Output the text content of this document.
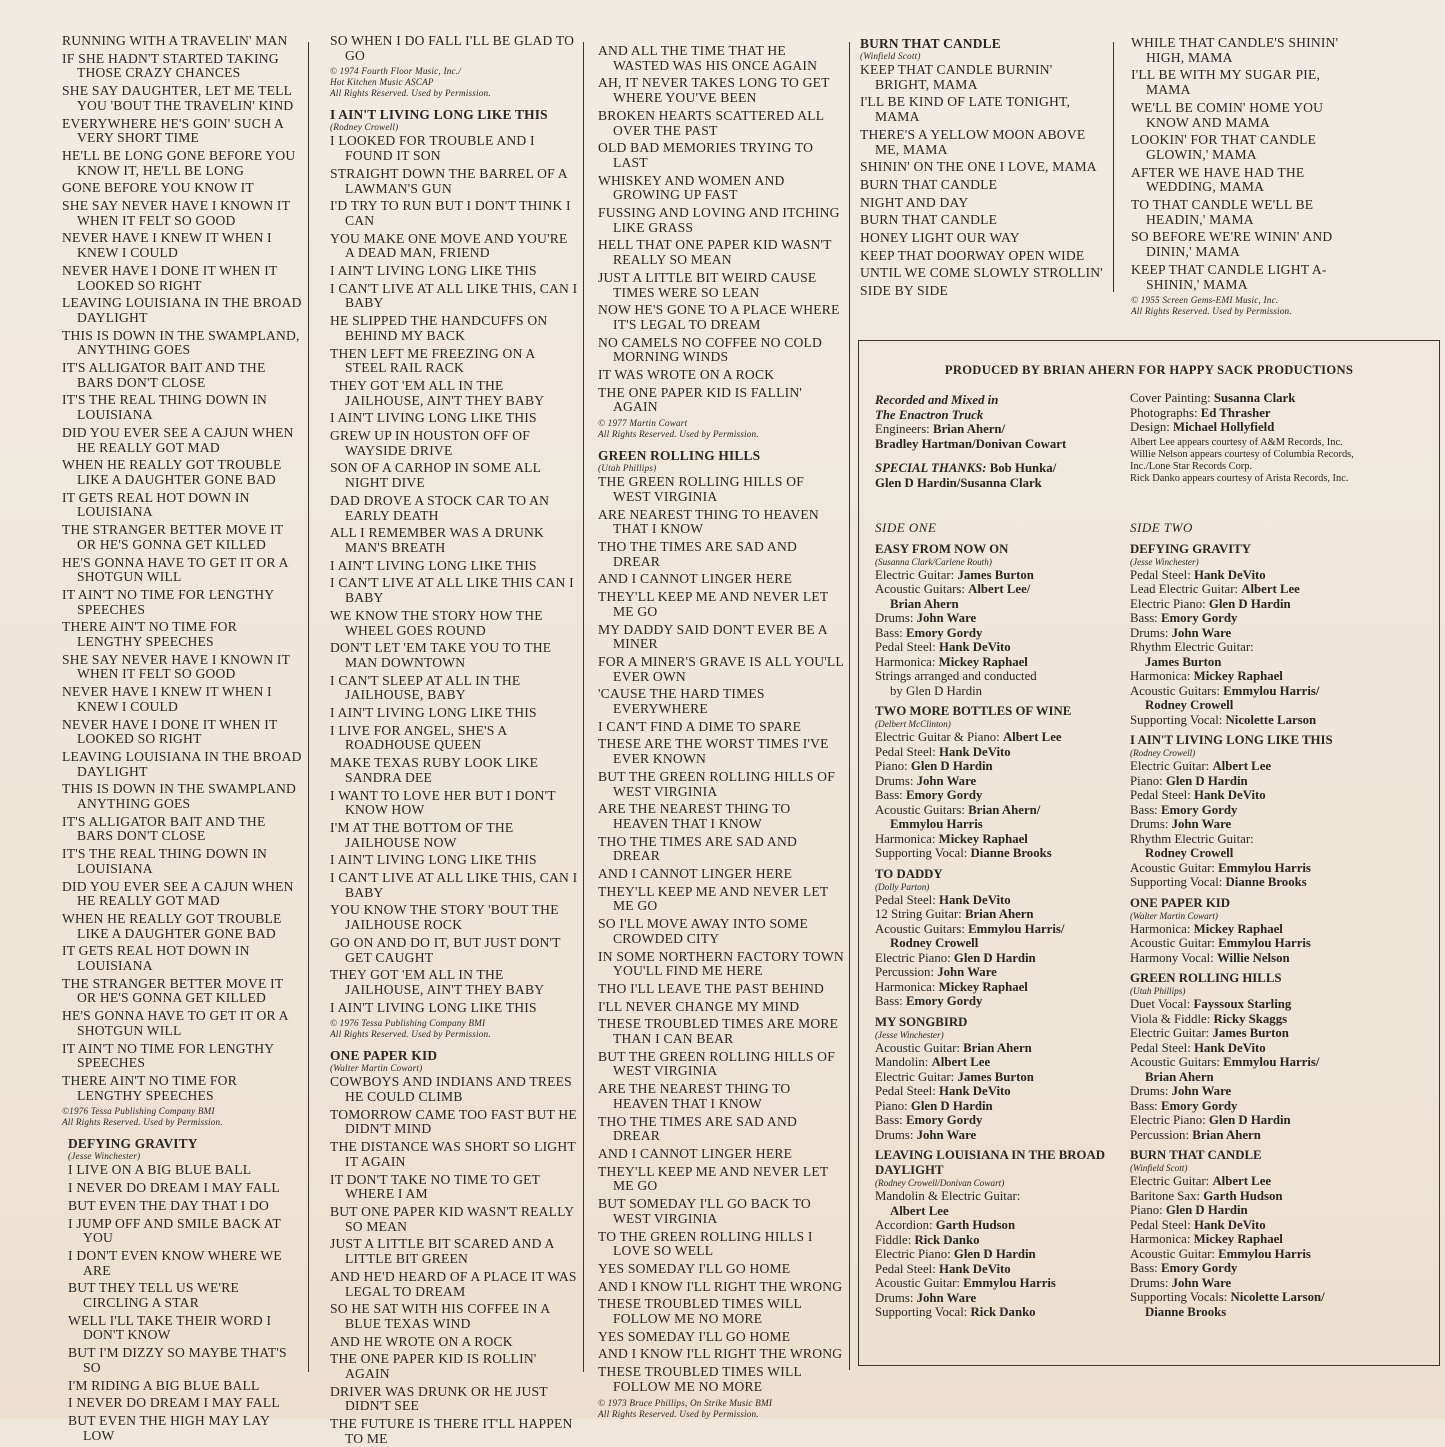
RUNNING WITH A TRAVELIN' MAN
IF SHE HADN'T STARTED TAKING THOSE CRAZY CHANCES
SHE SAY DAUGHTER, LET ME TELL YOU 'BOUT THE TRAVELIN' KIND
EVERYWHERE HE'S GOIN' SUCH A VERY SHORT TIME
HE'LL BE LONG GONE BEFORE YOU KNOW IT, HE'LL BE LONG
GONE BEFORE YOU KNOW IT
SHE SAY NEVER HAVE I KNOWN IT WHEN IT FELT SO GOOD
NEVER HAVE I KNEW IT WHEN I KNEW I COULD
NEVER HAVE I DONE IT WHEN IT LOOKED SO RIGHT
LEAVING LOUISIANA IN THE BROAD DAYLIGHT
THIS IS DOWN IN THE SWAMPLAND, ANYTHING GOES
IT'S ALLIGATOR BAIT AND THE BARS DON'T CLOSE
IT'S THE REAL THING DOWN IN LOUISIANA
DID YOU EVER SEE A CAJUN WHEN HE REALLY GOT MAD
WHEN HE REALLY GOT TROUBLE LIKE A DAUGHTER GONE BAD
IT GETS REAL HOT DOWN IN LOUISIANA
THE STRANGER BETTER MOVE IT OR HE'S GONNA GET KILLED
HE'S GONNA HAVE TO GET IT OR A SHOTGUN WILL
IT AIN'T NO TIME FOR LENGTHY SPEECHES
THERE AIN'T NO TIME FOR LENGTHY SPEECHES
SHE SAY NEVER HAVE I KNOWN IT WHEN IT FELT SO GOOD
NEVER HAVE I KNEW IT WHEN I KNEW I COULD
NEVER HAVE I DONE IT WHEN IT LOOKED SO RIGHT
LEAVING LOUISIANA IN THE BROAD DAYLIGHT
THIS IS DOWN IN THE SWAMPLAND ANYTHING GOES
IT'S ALLIGATOR BAIT AND THE BARS DON'T CLOSE
IT'S THE REAL THING DOWN IN LOUISIANA
DID YOU EVER SEE A CAJUN WHEN HE REALLY GOT MAD
WHEN HE REALLY GOT TROUBLE LIKE A DAUGHTER GONE BAD
IT GETS REAL HOT DOWN IN LOUISIANA
THE STRANGER BETTER MOVE IT OR HE'S GONNA GET KILLED
HE'S GONNA HAVE TO GET IT OR A SHOTGUN WILL
IT AIN'T NO TIME FOR LENGTHY SPEECHES
THERE AIN'T NO TIME FOR LENGTHY SPEECHES
©1976 Tessa Publishing Company BMI
All Rights Reserved. Used by Permission.
DEFYING GRAVITY
(Jesse Winchester)
I LIVE ON A BIG BLUE BALL
I NEVER DO DREAM I MAY FALL
BUT EVEN THE DAY THAT I DO
I JUMP OFF AND SMILE BACK AT YOU
I DON'T EVEN KNOW WHERE WE ARE
BUT THEY TELL US WE'RE CIRCLING A STAR
WELL I'LL TAKE THEIR WORD I DON'T KNOW
BUT I'M DIZZY SO MAYBE THAT'S SO
I'M RIDING A BIG BLUE BALL
I NEVER DO DREAM I MAY FALL
BUT EVEN THE HIGH MAY LAY LOW
SO WHEN I DO FALL I'LL BE GLAD TO GO
© 1974 Fourth Floor Music, Inc./
Hot Kitchen Music ASCAP
All Rights Reserved. Used by Permission.
I AIN'T LIVING LONG LIKE THIS
(Rodney Crowell)
I LOOKED FOR TROUBLE AND I FOUND IT SON
STRAIGHT DOWN THE BARREL OF A LAWMAN'S GUN
I'D TRY TO RUN BUT I DON'T THINK I CAN
YOU MAKE ONE MOVE AND YOU'RE A DEAD MAN, FRIEND
I AIN'T LIVING LONG LIKE THIS
I CAN'T LIVE AT ALL LIKE THIS, CAN I BABY
HE SLIPPED THE HANDCUFFS ON BEHIND MY BACK
THEN LEFT ME FREEZING ON A STEEL RAIL RACK
THEY GOT 'EM ALL IN THE JAILHOUSE, AIN'T THEY BABY
I AIN'T LIVING LONG LIKE THIS
GREW UP IN HOUSTON OFF OF WAYSIDE DRIVE
SON OF A CARHOP IN SOME ALL NIGHT DIVE
DAD DROVE A STOCK CAR TO AN EARLY DEATH
ALL I REMEMBER WAS A DRUNK MAN'S BREATH
I AIN'T LIVING LONG LIKE THIS
I CAN'T LIVE AT ALL LIKE THIS CAN I BABY
WE KNOW THE STORY HOW THE WHEEL GOES ROUND
DON'T LET 'EM TAKE YOU TO THE MAN DOWNTOWN
I CAN'T SLEEP AT ALL IN THE JAILHOUSE, BABY
I AIN'T LIVING LONG LIKE THIS
I LIVE FOR ANGEL, SHE'S A ROADHOUSE QUEEN
MAKE TEXAS RUBY LOOK LIKE SANDRA DEE
I WANT TO LOVE HER BUT I DON'T KNOW HOW
I'M AT THE BOTTOM OF THE JAILHOUSE NOW
I AIN'T LIVING LONG LIKE THIS
I CAN'T LIVE AT ALL LIKE THIS, CAN I BABY
YOU KNOW THE STORY 'BOUT THE JAILHOUSE ROCK
GO ON AND DO IT, BUT JUST DON'T GET CAUGHT
THEY GOT 'EM ALL IN THE JAILHOUSE, AIN'T THEY BABY
I AIN'T LIVING LONG LIKE THIS
© 1976 Tessa Publishing Company BMI
All Rights Reserved. Used by Permission.
ONE PAPER KID
(Walter Martin Cowart)
COWBOYS AND INDIANS AND TREES HE COULD CLIMB
TOMORROW CAME TOO FAST BUT HE DIDN'T MIND
THE DISTANCE WAS SHORT SO LIGHT IT AGAIN
IT DON'T TAKE NO TIME TO GET WHERE I AM
BUT ONE PAPER KID WASN'T REALLY SO MEAN
JUST A LITTLE BIT SCARED AND A LITTLE BIT GREEN
AND HE'D HEARD OF A PLACE IT WAS LEGAL TO DREAM
SO HE SAT WITH HIS COFFEE IN A BLUE TEXAS WIND
AND HE WROTE ON A ROCK
THE ONE PAPER KID IS ROLLIN' AGAIN
DRIVER WAS DRUNK OR HE JUST DIDN'T SEE
THE FUTURE IS THERE IT'LL HAPPEN TO ME
AND ALL THE TIME THAT HE WASTED WAS HIS ONCE AGAIN
AH, IT NEVER TAKES LONG TO GET WHERE YOU'VE BEEN
BROKEN HEARTS SCATTERED ALL OVER THE PAST
OLD BAD MEMORIES TRYING TO LAST
WHISKEY AND WOMEN AND GROWING UP FAST
FUSSING AND LOVING AND ITCHING LIKE GRASS
HELL THAT ONE PAPER KID WASN'T REALLY SO MEAN
JUST A LITTLE BIT WEIRD CAUSE TIMES WERE SO LEAN
NOW HE'S GONE TO A PLACE WHERE IT'S LEGAL TO DREAM
NO CAMELS NO COFFEE NO COLD MORNING WINDS
IT WAS WROTE ON A ROCK
THE ONE PAPER KID IS FALLIN' AGAIN
© 1977 Martin Cowart
All Rights Reserved. Used by Permission.
GREEN ROLLING HILLS
(Utah Phillips)
THE GREEN ROLLING HILLS OF WEST VIRGINIA
ARE NEAREST THING TO HEAVEN THAT I KNOW
THO THE TIMES ARE SAD AND DREAR
AND I CANNOT LINGER HERE
THEY'LL KEEP ME AND NEVER LET ME GO
MY DADDY SAID DON'T EVER BE A MINER
FOR A MINER'S GRAVE IS ALL YOU'LL EVER OWN
'CAUSE THE HARD TIMES EVERYWHERE
I CAN'T FIND A DIME TO SPARE
THESE ARE THE WORST TIMES I'VE EVER KNOWN
BUT THE GREEN ROLLING HILLS OF WEST VIRGINIA
ARE THE NEAREST THING TO HEAVEN THAT I KNOW
THO THE TIMES ARE SAD AND DREAR
AND I CANNOT LINGER HERE
THEY'LL KEEP ME AND NEVER LET ME GO
SO I'LL MOVE AWAY INTO SOME CROWDED CITY
IN SOME NORTHERN FACTORY TOWN YOU'LL FIND ME HERE
THO I'LL LEAVE THE PAST BEHIND
I'LL NEVER CHANGE MY MIND
THESE TROUBLED TIMES ARE MORE THAN I CAN BEAR
BUT THE GREEN ROLLING HILLS OF WEST VIRGINIA
ARE THE NEAREST THING TO HEAVEN THAT I KNOW
THO THE TIMES ARE SAD AND DREAR
AND I CANNOT LINGER HERE
THEY'LL KEEP ME AND NEVER LET ME GO
BUT SOMEDAY I'LL GO BACK TO WEST VIRGINIA
TO THE GREEN ROLLING HILLS I LOVE SO WELL
YES SOMEDAY I'LL GO HOME
AND I KNOW I'LL RIGHT THE WRONG
THESE TROUBLED TIMES WILL FOLLOW ME NO MORE
YES SOMEDAY I'LL GO HOME
AND I KNOW I'LL RIGHT THE WRONG
THESE TROUBLED TIMES WILL FOLLOW ME NO MORE
© 1973 Bruce Phillips, On Strike Music BMI
All Rights Reserved. Used by Permission.
BURN THAT CANDLE
(Winfield Scott)
KEEP THAT CANDLE BURNIN' BRIGHT, MAMA
I'LL BE KIND OF LATE TONIGHT, MAMA
THERE'S A YELLOW MOON ABOVE ME, MAMA
SHININ' ON THE ONE I LOVE, MAMA
BURN THAT CANDLE
NIGHT AND DAY
BURN THAT CANDLE
HONEY LIGHT OUR WAY
KEEP THAT DOORWAY OPEN WIDE
UNTIL WE COME SLOWLY STROLLIN'
SIDE BY SIDE
WHILE THAT CANDLE'S SHININ' HIGH, MAMA
I'LL BE WITH MY SUGAR PIE, MAMA
WE'LL BE COMIN' HOME YOU KNOW AND MAMA
LOOKIN' FOR THAT CANDLE GLOWIN,' MAMA
AFTER WE HAVE HAD THE WEDDING, MAMA
TO THAT CANDLE WE'LL BE HEADIN,' MAMA
SO BEFORE WE'RE WININ' AND DININ,' MAMA
KEEP THAT CANDLE LIGHT A-SHININ,' MAMA
© 1955 Screen Gems-EMI Music, Inc.
All Rights Reserved. Used by Permission.
PRODUCED BY BRIAN AHERN FOR HAPPY SACK PRODUCTIONS
Recorded and Mixed in
The Enactron Truck
Engineers: Brian Ahern/
Bradley Hartman/Donivan Cowart
SPECIAL THANKS: Bob Hunka/
Glen D Hardin/Susanna Clark
Cover Painting: Susanna Clark
Photographs: Ed Thrasher
Design: Michael Hollyfield
Albert Lee appears courtesy of A&M Records, Inc.
Willie Nelson appears courtesy of Columbia Records, Inc./Lone Star Records Corp.
Rick Danko appears courtesy of Arista Records, Inc.
SIDE ONE
EASY FROM NOW ON
(Susanna Clark/Carlene Routh)
Electric Guitar: James Burton
Acoustic Guitars: Albert Lee/
Brian Ahern
Drums: John Ware
Bass: Emory Gordy
Pedal Steel: Hank DeVito
Harmonica: Mickey Raphael
Strings arranged and conducted
by Glen D Hardin
TWO MORE BOTTLES OF WINE
(Delbert McClinton)
Electric Guitar & Piano: Albert Lee
Pedal Steel: Hank DeVito
Piano: Glen D Hardin
Drums: John Ware
Bass: Emory Gordy
Acoustic Guitars: Brian Ahern/
Emmylou Harris
Harmonica: Mickey Raphael
Supporting Vocal: Dianne Brooks
TO DADDY
(Dolly Parton)
Pedal Steel: Hank DeVito
12 String Guitar: Brian Ahern
Acoustic Guitars: Emmylou Harris/
Rodney Crowell
Electric Piano: Glen D Hardin
Percussion: John Ware
Harmonica: Mickey Raphael
Bass: Emory Gordy
MY SONGBIRD
(Jesse Winchester)
Acoustic Guitar: Brian Ahern
Mandolin: Albert Lee
Electric Guitar: James Burton
Pedal Steel: Hank DeVito
Piano: Glen D Hardin
Bass: Emory Gordy
Drums: John Ware
LEAVING LOUISIANA IN THE BROAD DAYLIGHT
(Rodney Crowell/Donivan Cowart)
Mandolin & Electric Guitar:
Albert Lee
Accordion: Garth Hudson
Fiddle: Rick Danko
Electric Piano: Glen D Hardin
Pedal Steel: Hank DeVito
Acoustic Guitar: Emmylou Harris
Drums: John Ware
Supporting Vocal: Rick Danko
SIDE TWO
DEFYING GRAVITY
(Jesse Winchester)
Pedal Steel: Hank DeVito
Lead Electric Guitar: Albert Lee
Electric Piano: Glen D Hardin
Bass: Emory Gordy
Drums: John Ware
Rhythm Electric Guitar:
James Burton
Harmonica: Mickey Raphael
Acoustic Guitars: Emmylou Harris/
Rodney Crowell
Supporting Vocal: Nicolette Larson
I AIN'T LIVING LONG LIKE THIS
(Rodney Crowell)
Electric Guitar: Albert Lee
Piano: Glen D Hardin
Pedal Steel: Hank DeVito
Bass: Emory Gordy
Drums: John Ware
Rhythm Electric Guitar:
Rodney Crowell
Acoustic Guitar: Emmylou Harris
Supporting Vocal: Dianne Brooks
ONE PAPER KID
(Walter Martin Cowart)
Harmonica: Mickey Raphael
Acoustic Guitar: Emmylou Harris
Harmony Vocal: Willie Nelson
GREEN ROLLING HILLS
(Utah Phillips)
Duet Vocal: Fayssoux Starling
Viola & Fiddle: Ricky Skaggs
Electric Guitar: James Burton
Pedal Steel: Hank DeVito
Acoustic Guitars: Emmylou Harris/
Brian Ahern
Drums: John Ware
Bass: Emory Gordy
Electric Piano: Glen D Hardin
Percussion: Brian Ahern
BURN THAT CANDLE
(Winfield Scott)
Electric Guitar: Albert Lee
Baritone Sax: Garth Hudson
Piano: Glen D Hardin
Pedal Steel: Hank DeVito
Harmonica: Mickey Raphael
Acoustic Guitar: Emmylou Harris
Bass: Emory Gordy
Drums: John Ware
Supporting Vocals: Nicolette Larson/
Dianne Brooks
